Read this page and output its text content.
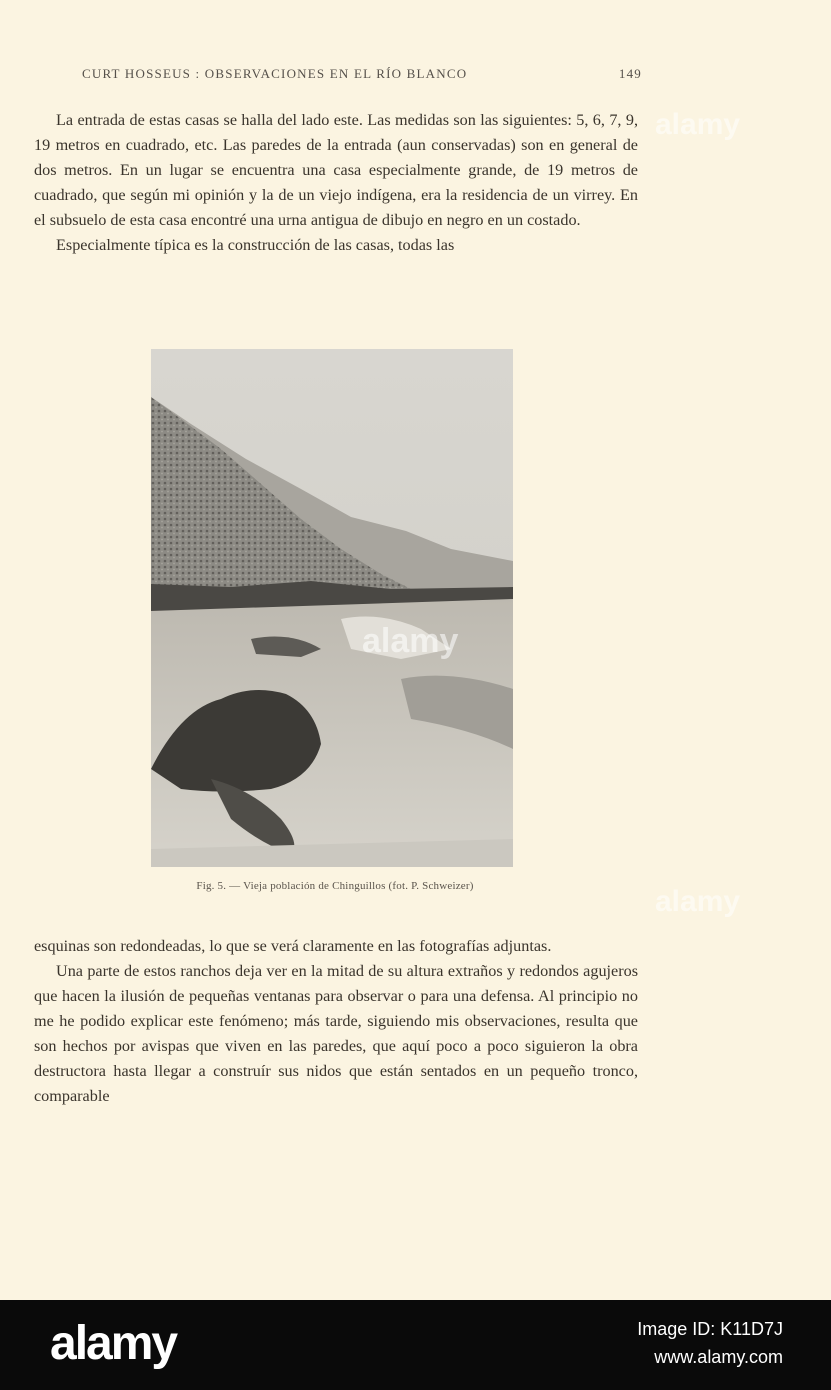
CURT HOSSEUS : OBSERVACIONES EN EL RÍO BLANCO	149

La entrada de estas casas se halla del lado este. Las medidas son las siguientes: 5, 6, 7, 9, 19 metros en cuadrado, etc. Las paredes de la entrada (aun conservadas) son en general de dos metros. En un lugar se encuentra una casa especialmente grande, de 19 metros de cuadrado, que según mi opinión y la de un viejo indígena, era la residencia de un virrey. En el subsuelo de esta casa encontré una urna antigua de dibujo en negro en un costado.

Especialmente típica es la construcción de las casas, todas las

Fig. 5. — Vieja población de Chinguillos (fot. P. Schweizer)

esquinas son redondeadas, lo que se verá claramente en las fotografías adjuntas.

Una parte de estos ranchos deja ver en la mitad de su altura extraños y redondos agujeros que hacen la ilusión de pequeñas ventanas para observar o para una defensa. Al principio no me he podido explicar este fenómeno; más tarde, siguiendo mis observaciones, resulta que son hechos por avispas que viven en las paredes, que aquí poco a poco siguieron la obra destructora hasta llegar a construír sus nidos que están sentados en un pequeño tronco, comparable

alamy
alamy
alamy
alamy	Image ID: K11D7J
www.alamy.com
